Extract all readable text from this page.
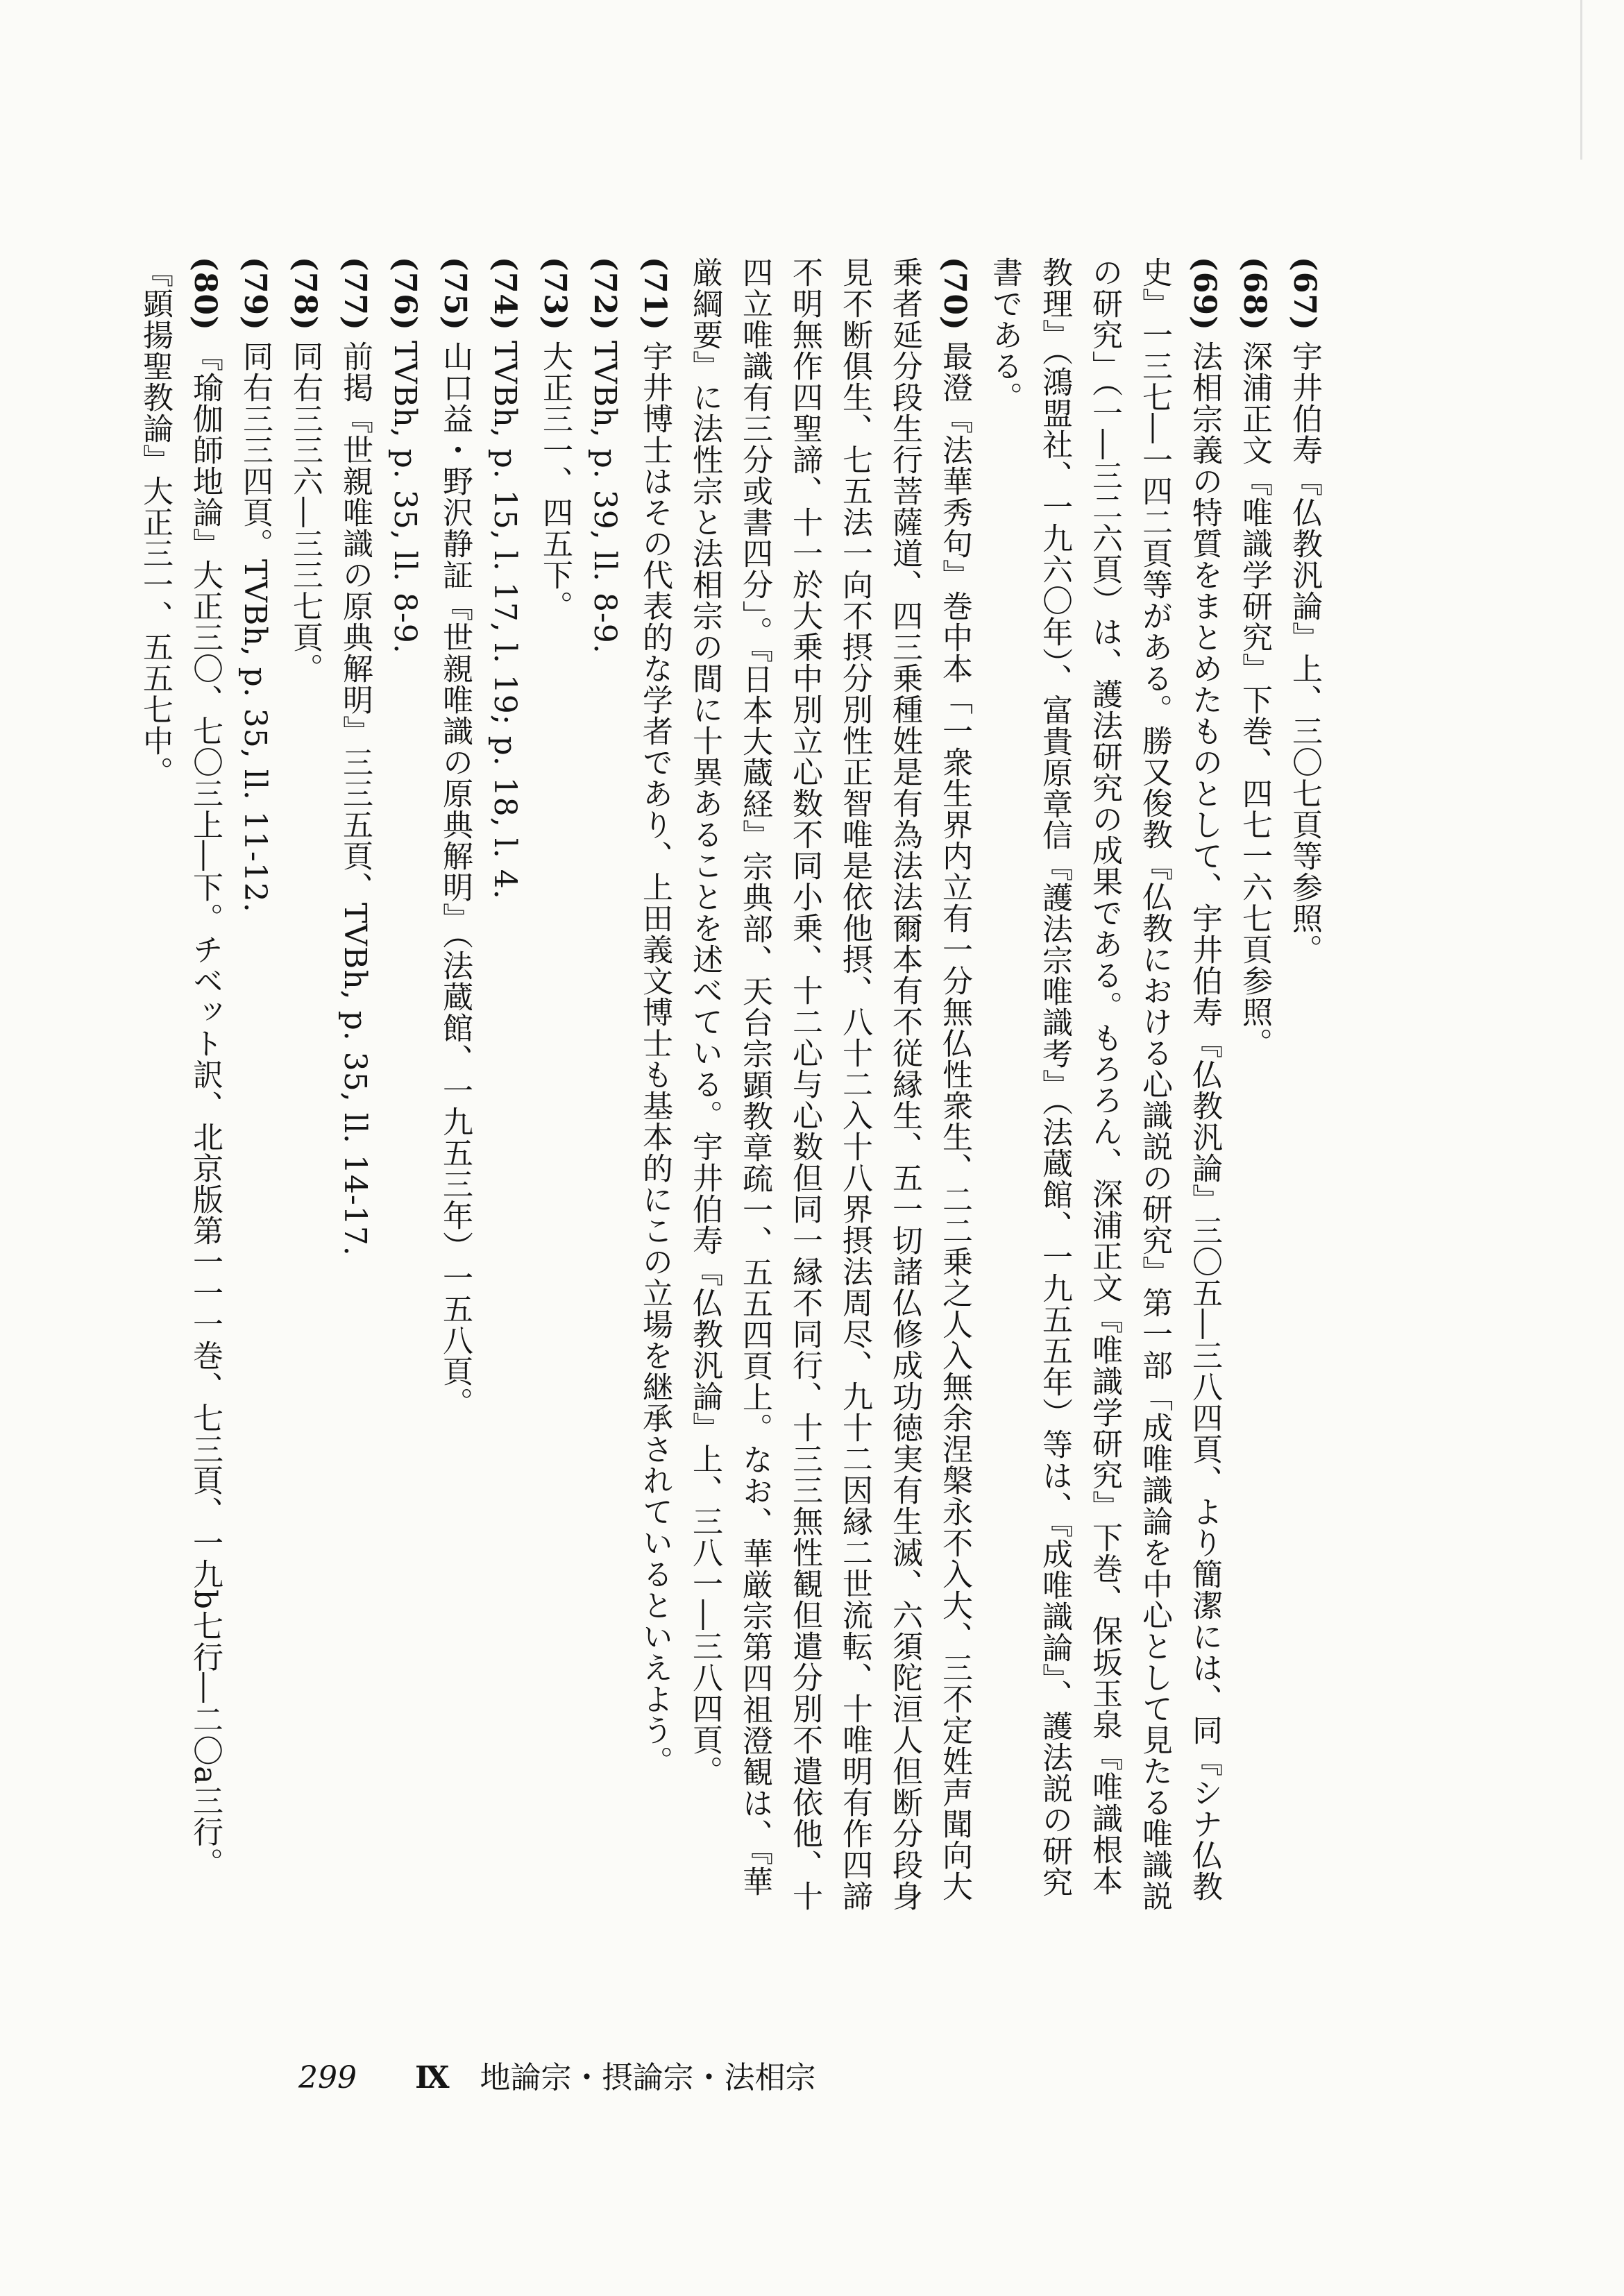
(67)宇井伯寿『仏教汎論』上、三〇七頁等参照。
(68)深浦正文『唯識学研究』下巻、四七一六七頁参照。
(69)法相宗義の特質をまとめたものとして、宇井伯寿『仏教汎論』三〇五―三八四頁、より簡潔には、同『シナ仏教史』一三七―一四二頁等がある。勝又俊教『仏教における心識説の研究』第一部「成唯識論を中心として見たる唯識説の研究」（一―三二六頁）は、護法研究の成果である。もろろん、深浦正文『唯識学研究』下巻、保坂玉泉『唯識根本教理』（鴻盟社、一九六〇年）、富貴原章信『護法宗唯識考』（法蔵館、一九五五年）等は、『成唯識論』、護法説の研究書である。
(70)最澄『法華秀句』巻中本「一衆生界内立有一分無仏性衆生、二二乗之人入無余涅槃永不入大、三不定姓声聞向大乗者延分段生行菩薩道、四三乗種姓是有為法法爾本有不従縁生、五一切諸仏修成功徳実有生滅、六須陀洹人但断分段身見不断俱生、七五法一向不摂分別性正智唯是依他摂、八十二入十八界摂法周尽、九十二因縁二世流転、十唯明有作四諦不明無作四聖諦、十一於大乗中別立心数不同小乗、十二心与心数但同一縁不同行、十三三無性観但遣分別不遣依他、十四立唯識有三分或書四分」。『日本大蔵経』宗典部、天台宗顕教章疏一、五五四頁上。なお、華厳宗第四祖澄観は、『華厳綱要』に法性宗と法相宗の間に十異あることを述べている。宇井伯寿『仏教汎論』上、三八一―三八四頁。
(71)宇井博士はその代表的な学者であり、上田義文博士も基本的にこの立場を継承されているといえよう。
(72)TVBh, p. 39, ll. 8-9.
(73)大正三一、四五下。
(74)TVBh, p. 15, l. 17, l. 19; p. 18, l. 4.
(75)山口益・野沢静証『世親唯識の原典解明』（法蔵館、一九五三年）一五八頁。
(76)TVBh, p. 35, ll. 8-9.
(77)前掲『世親唯識の原典解明』三三五頁、TVBh, p. 35, ll. 14-17.
(78)同右三三六―三三七頁。
(79)同右三三四頁。TVBh, p. 35, ll. 11-12.
(80)『瑜伽師地論』大正三〇、七〇三上―下。チベット訳、北京版第一一一巻、七三頁、一九b七行―二〇a三行。『顕揚聖教論』大正三一、五五七中。
299 Ⅸ 地論宗・摂論宗・法相宗
